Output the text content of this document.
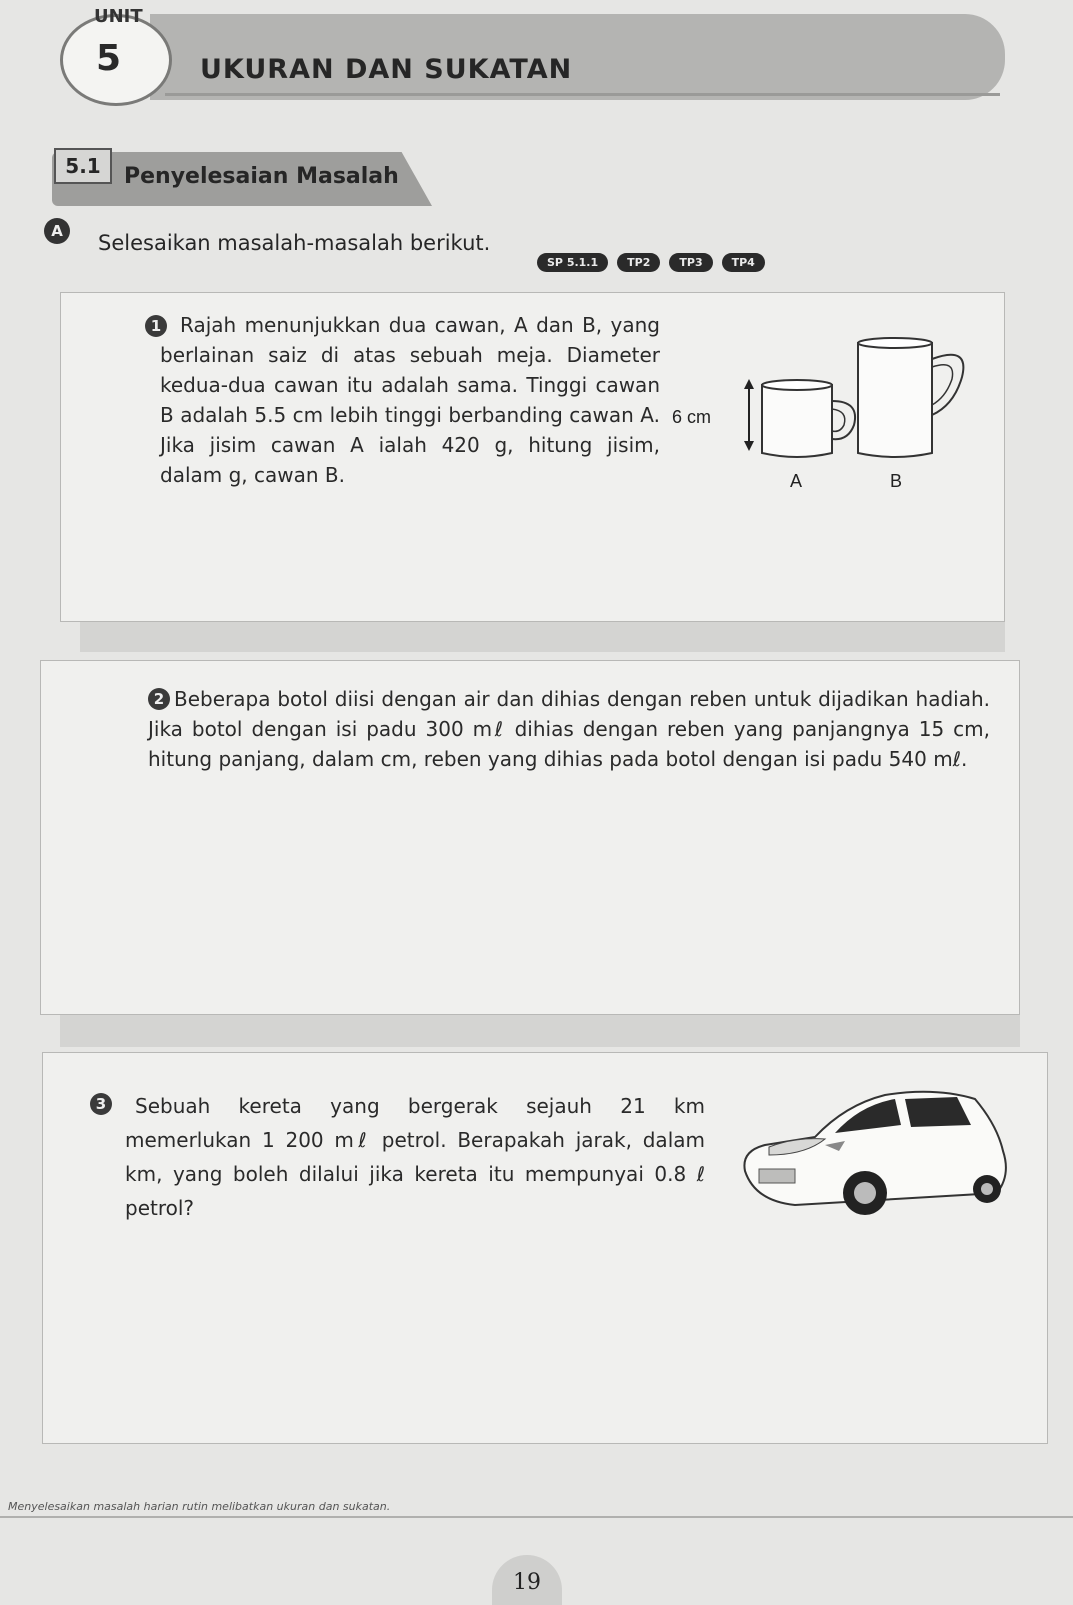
UNIT
5	UKURAN DAN SUKATAN
5.1	Penyelesaian Masalah
A	Selesaikan masalah-masalah berikut.
SP 5.1.1	TP2	TP3	TP4
1 Rajah menunjukkan dua cawan, A dan B, yang berlainan saiz di atas sebuah meja. Diameter kedua-dua cawan itu adalah sama. Tinggi cawan B adalah 5.5 cm lebih tinggi berbanding cawan A. Jika jisim cawan A ialah 420 g, hitung jisim, dalam g, cawan B.
6 cm
A	B
2 Beberapa botol diisi dengan air dan dihias dengan reben untuk dijadikan hadiah. Jika botol dengan isi padu 300 mℓ dihias dengan reben yang panjangnya 15 cm, hitung panjang, dalam cm, reben yang dihias pada botol dengan isi padu 540 mℓ.
3	Sebuah kereta yang bergerak sejauh 21 km memerlukan 1 200 mℓ petrol. Berapakah jarak, dalam km, yang boleh dilalui jika kereta itu mempunyai 0.8 ℓ petrol?
Menyelesaikan masalah harian rutin melibatkan ukuran dan sukatan.
19
